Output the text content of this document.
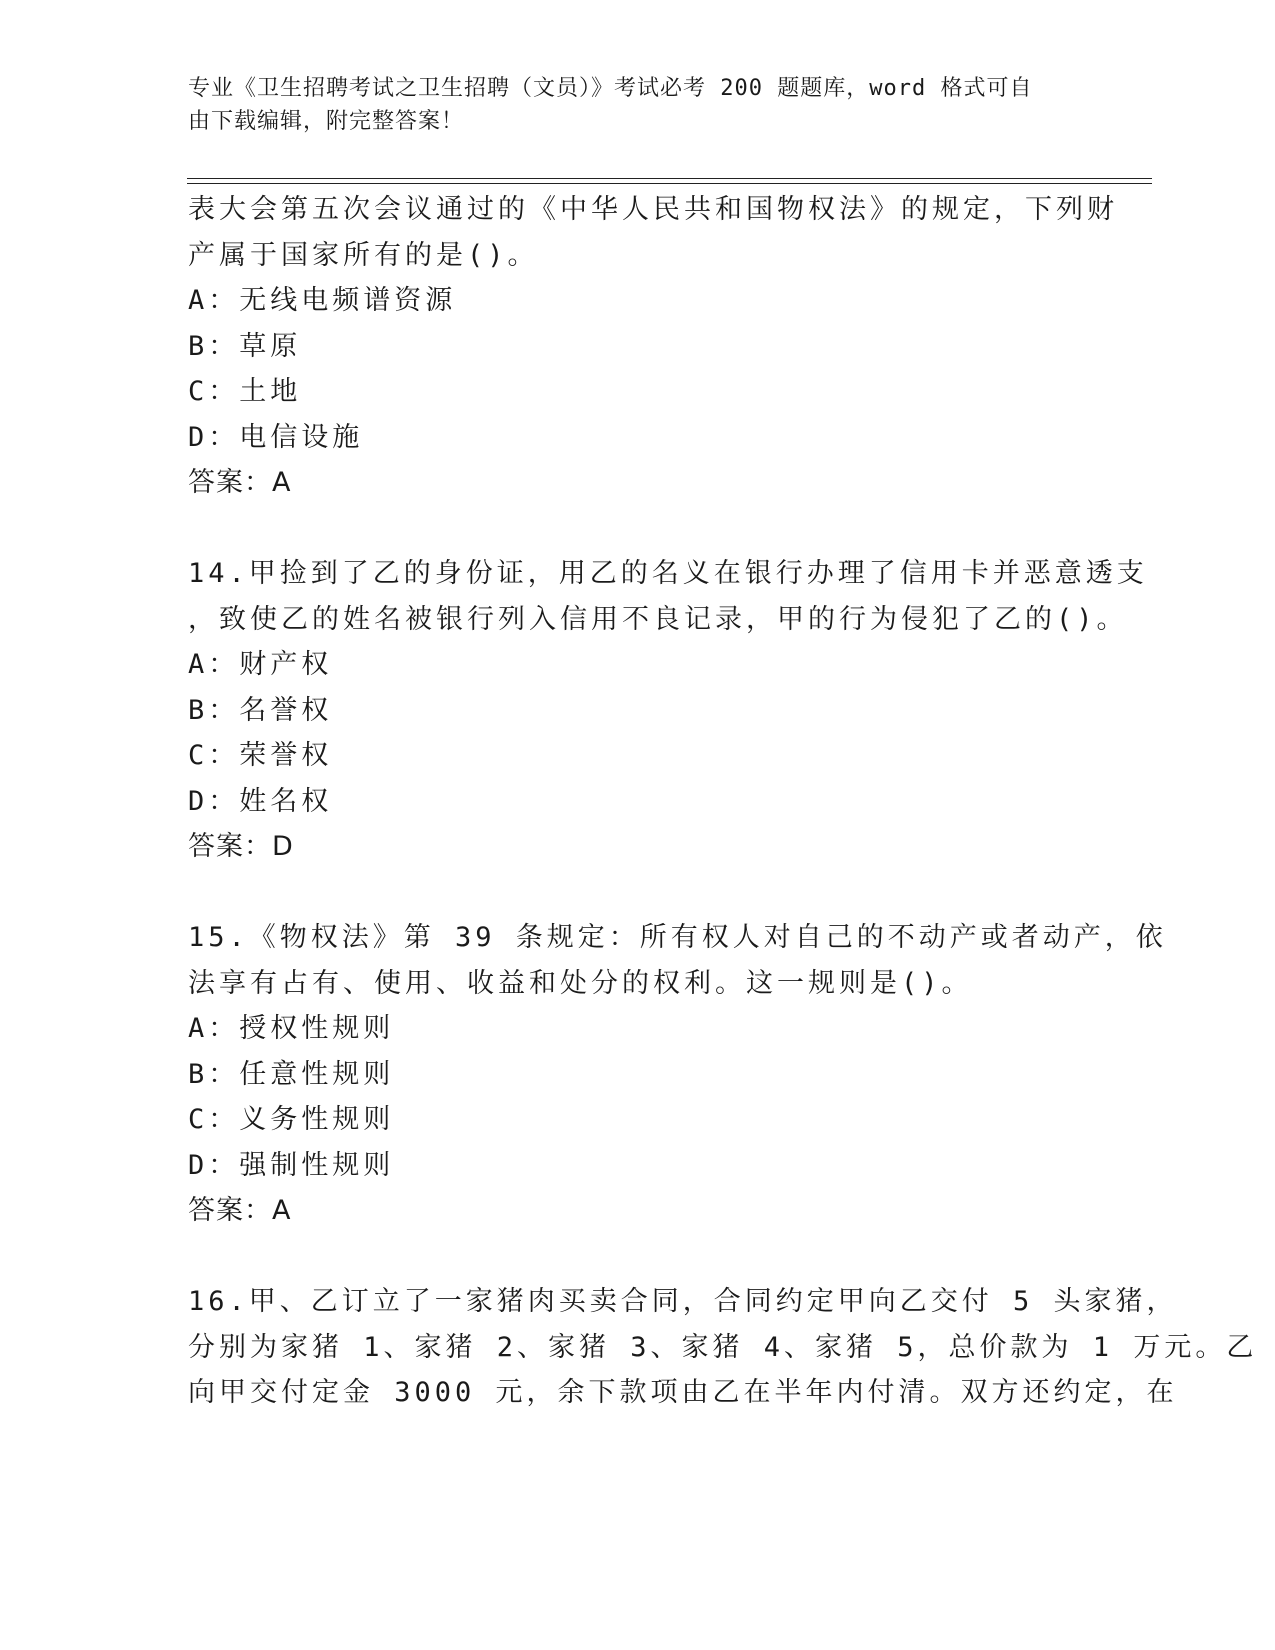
专业《卫生招聘考试之卫生招聘（文员）》考试必考 200 题题库，word 格式可自
由下载编辑，附完整答案！
表大会第五次会议通过的《中华人民共和国物权法》的规定，下列财
产属于国家所有的是()。
A：无线电频谱资源
B：草原
C：土地
D：电信设施
答案：A
14.甲捡到了乙的身份证，用乙的名义在银行办理了信用卡并恶意透支
，致使乙的姓名被银行列入信用不良记录，甲的行为侵犯了乙的()。
A：财产权
B：名誉权
C：荣誉权
D：姓名权
答案：D
15.《物权法》第 39 条规定：所有权人对自己的不动产或者动产，依
法享有占有、使用、收益和处分的权利。这一规则是()。
A：授权性规则
B：任意性规则
C：义务性规则
D：强制性规则
答案：A
16.甲、乙订立了一家猪肉买卖合同，合同约定甲向乙交付 5 头家猪，
分别为家猪 1、家猪 2、家猪 3、家猪 4、家猪 5，总价款为 1 万元。乙
向甲交付定金 3000 元，余下款项由乙在半年内付清。双方还约定，在
